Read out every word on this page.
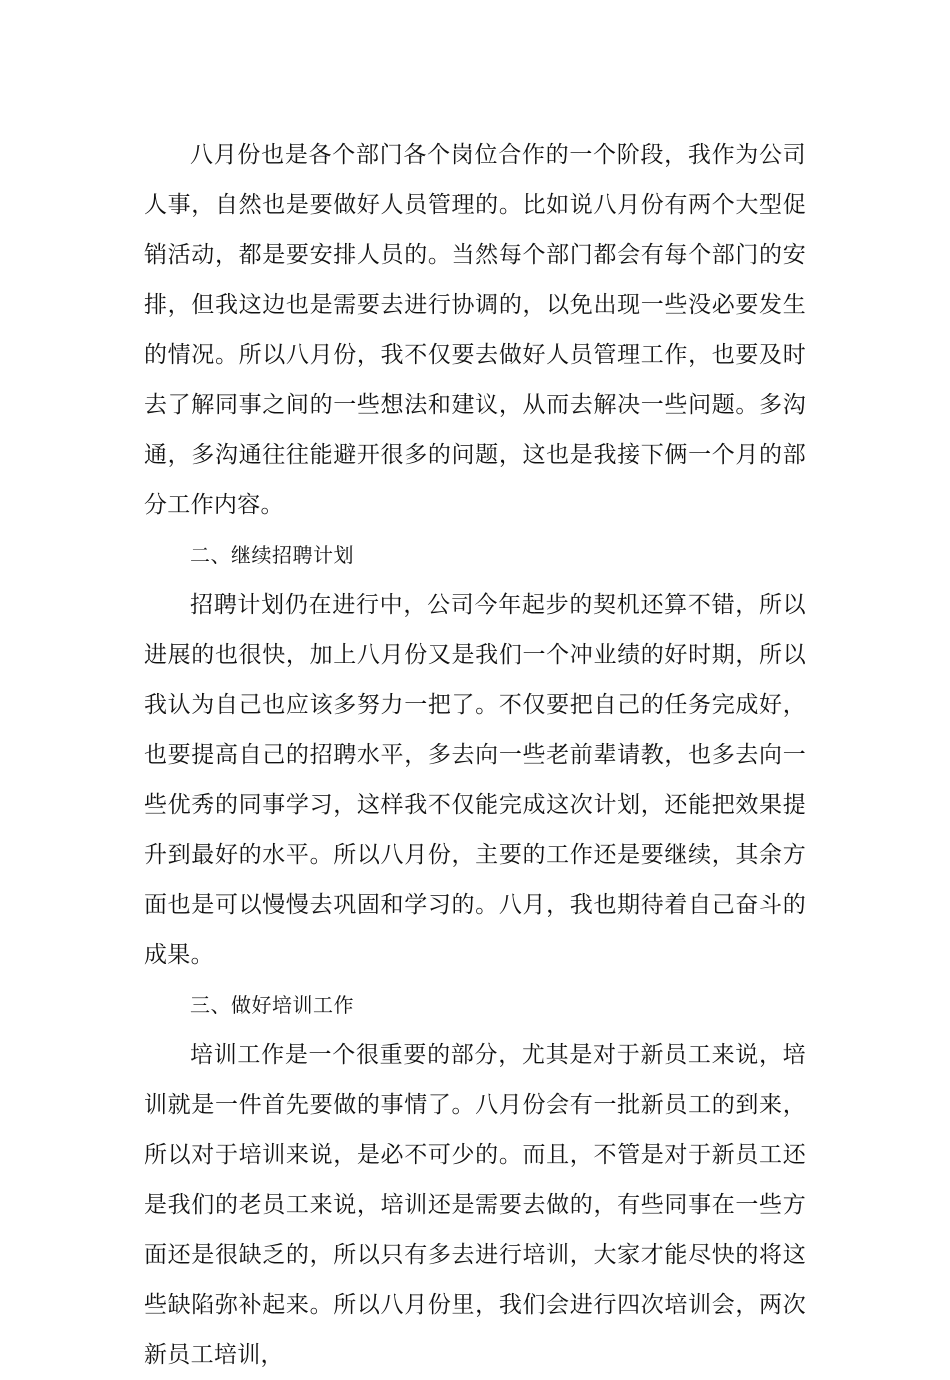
八月份也是各个部门各个岗位合作的一个阶段，我作为公司人事，自然也是要做好人员管理的。比如说八月份有两个大型促销活动，都是要安排人员的。当然每个部门都会有每个部门的安排，但我这边也是需要去进行协调的，以免出现一些没必要发生的情况。所以八月份，我不仅要去做好人员管理工作，也要及时去了解同事之间的一些想法和建议，从而去解决一些问题。多沟通，多沟通往往能避开很多的问题，这也是我接下俩一个月的部分工作内容。

二、继续招聘计划

招聘计划仍在进行中，公司今年起步的契机还算不错，所以进展的也很快，加上八月份又是我们一个冲业绩的好时期，所以我认为自己也应该多努力一把了。不仅要把自己的任务完成好，也要提高自己的招聘水平，多去向一些老前辈请教，也多去向一些优秀的同事学习，这样我不仅能完成这次计划，还能把效果提升到最好的水平。所以八月份，主要的工作还是要继续，其余方面也是可以慢慢去巩固和学习的。八月，我也期待着自己奋斗的成果。

三、做好培训工作

培训工作是一个很重要的部分，尤其是对于新员工来说，培训就是一件首先要做的事情了。八月份会有一批新员工的到来，所以对于培训来说，是必不可少的。而且，不管是对于新员工还是我们的老员工来说，培训还是需要去做的，有些同事在一些方面还是很缺乏的，所以只有多去进行培训，大家才能尽快的将这些缺陷弥补起来。所以八月份里，我们会进行四次培训会，两次新员工培训，
